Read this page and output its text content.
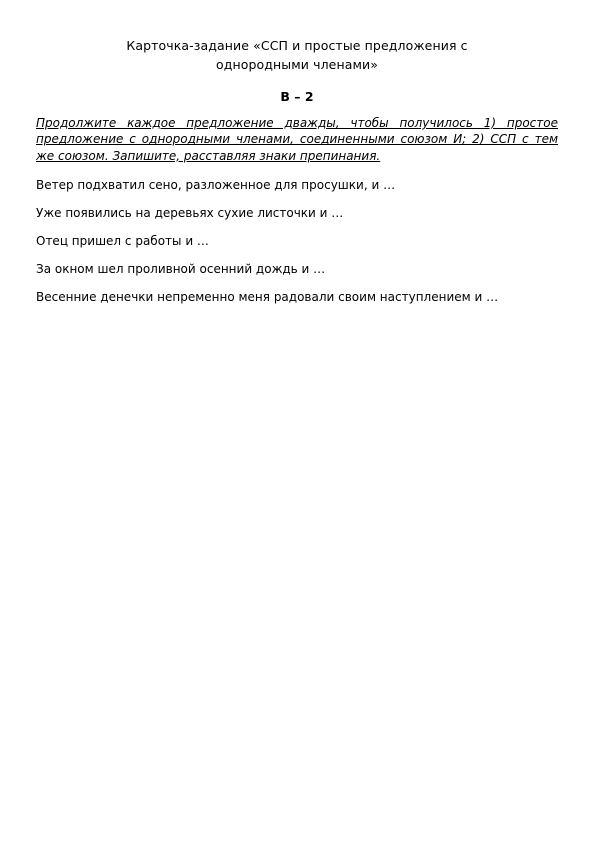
Карточка-задание «ССП и простые предложения с
однородными членами»

В – 2

Продолжите каждое предложение дважды, чтобы получилось 1) простое предложение с однородными членами, соединенными союзом И; 2) ССП с тем же союзом. Запишите, расставляя знаки препинания.

Ветер подхватил сено, разложенное для просушки, и …

Уже появились на деревьях сухие листочки и …

Отец пришел с работы и …

За окном шел проливной осенний дождь и …

Весенние денечки непременно меня радовали своим наступлением и …
